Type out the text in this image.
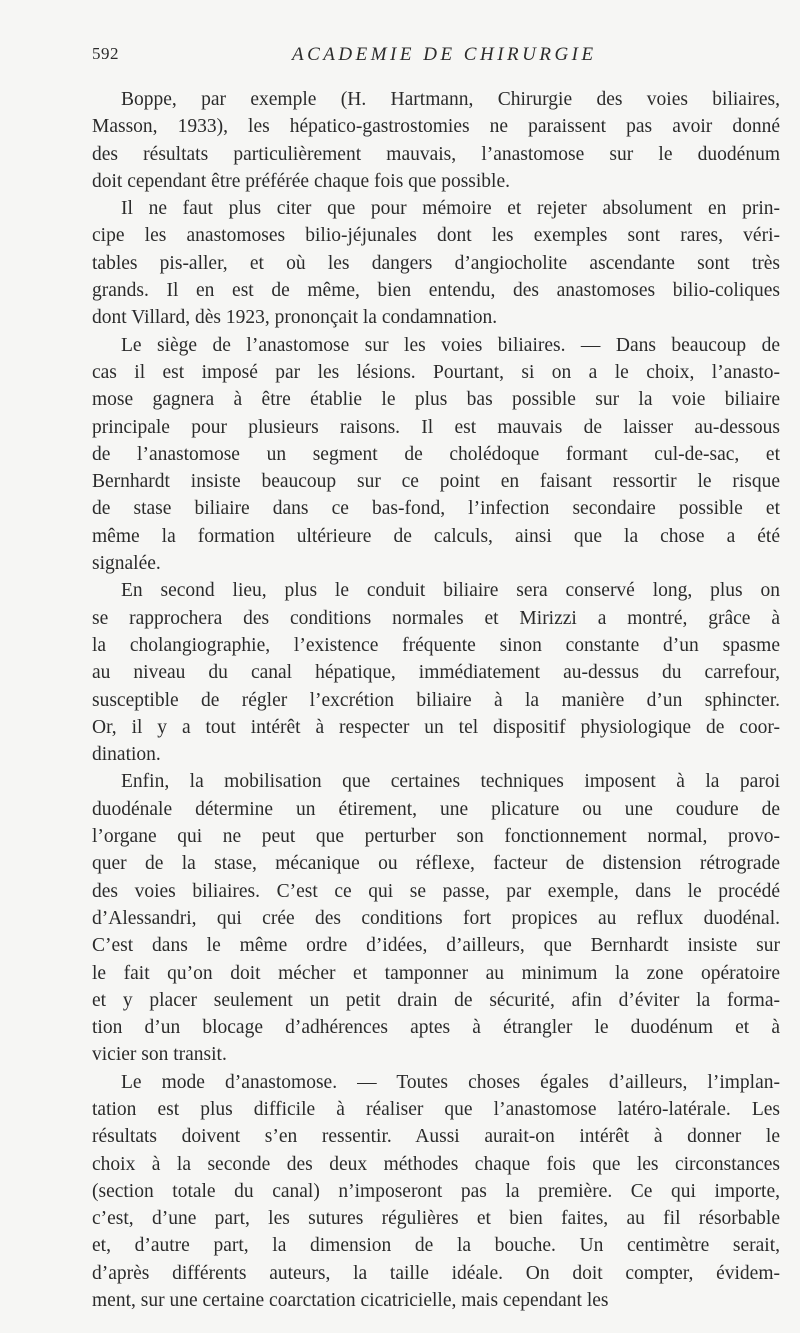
592	ACADEMIE DE CHIRURGIE
Boppe, par exemple (H. Hartmann, Chirurgie des voies biliaires,
Masson, 1933), les hépatico-gastrostomies ne paraissent pas avoir donné
des résultats particulièrement mauvais, l’anastomose sur le duodénum
doit cependant être préférée chaque fois que possible.
Il ne faut plus citer que pour mémoire et rejeter absolument en prin-
cipe les anastomoses bilio-jéjunales dont les exemples sont rares, véri-
tables pis-aller, et où les dangers d’angiocholite ascendante sont très
grands. Il en est de même, bien entendu, des anastomoses bilio-coliques
dont Villard, dès 1923, prononçait la condamnation.
Le siège de l’anastomose sur les voies biliaires. — Dans beaucoup de
cas il est imposé par les lésions. Pourtant, si on a le choix, l’anasto-
mose gagnera à être établie le plus bas possible sur la voie biliaire
principale pour plusieurs raisons. Il est mauvais de laisser au-dessous
de l’anastomose un segment de cholédoque formant cul-de-sac, et
Bernhardt insiste beaucoup sur ce point en faisant ressortir le risque
de stase biliaire dans ce bas-fond, l’infection secondaire possible et
même la formation ultérieure de calculs, ainsi que la chose a été
signalée.
En second lieu, plus le conduit biliaire sera conservé long, plus on
se rapprochera des conditions normales et Mirizzi a montré, grâce à
la cholangiographie, l’existence fréquente sinon constante d’un spasme
au niveau du canal hépatique, immédiatement au-dessus du carrefour,
susceptible de régler l’excrétion biliaire à la manière d’un sphincter.
Or, il y a tout intérêt à respecter un tel dispositif physiologique de coor-
dination.
Enfin, la mobilisation que certaines techniques imposent à la paroi
duodénale détermine un étirement, une plicature ou une coudure de
l’organe qui ne peut que perturber son fonctionnement normal, provo-
quer de la stase, mécanique ou réflexe, facteur de distension rétrograde
des voies biliaires. C’est ce qui se passe, par exemple, dans le procédé
d’Alessandri, qui crée des conditions fort propices au reflux duodénal.
C’est dans le même ordre d’idées, d’ailleurs, que Bernhardt insiste sur
le fait qu’on doit mécher et tamponner au minimum la zone opératoire
et y placer seulement un petit drain de sécurité, afin d’éviter la forma-
tion d’un blocage d’adhérences aptes à étrangler le duodénum et à
vicier son transit.
Le mode d’anastomose. — Toutes choses égales d’ailleurs, l’implan-
tation est plus difficile à réaliser que l’anastomose latéro-latérale. Les
résultats doivent s’en ressentir. Aussi aurait-on intérêt à donner le
choix à la seconde des deux méthodes chaque fois que les circonstances
(section totale du canal) n’imposeront pas la première. Ce qui importe,
c’est, d’une part, les sutures régulières et bien faites, au fil résorbable
et, d’autre part, la dimension de la bouche. Un centimètre serait,
d’après différents auteurs, la taille idéale. On doit compter, évidem-
ment, sur une certaine coarctation cicatricielle, mais cependant les
